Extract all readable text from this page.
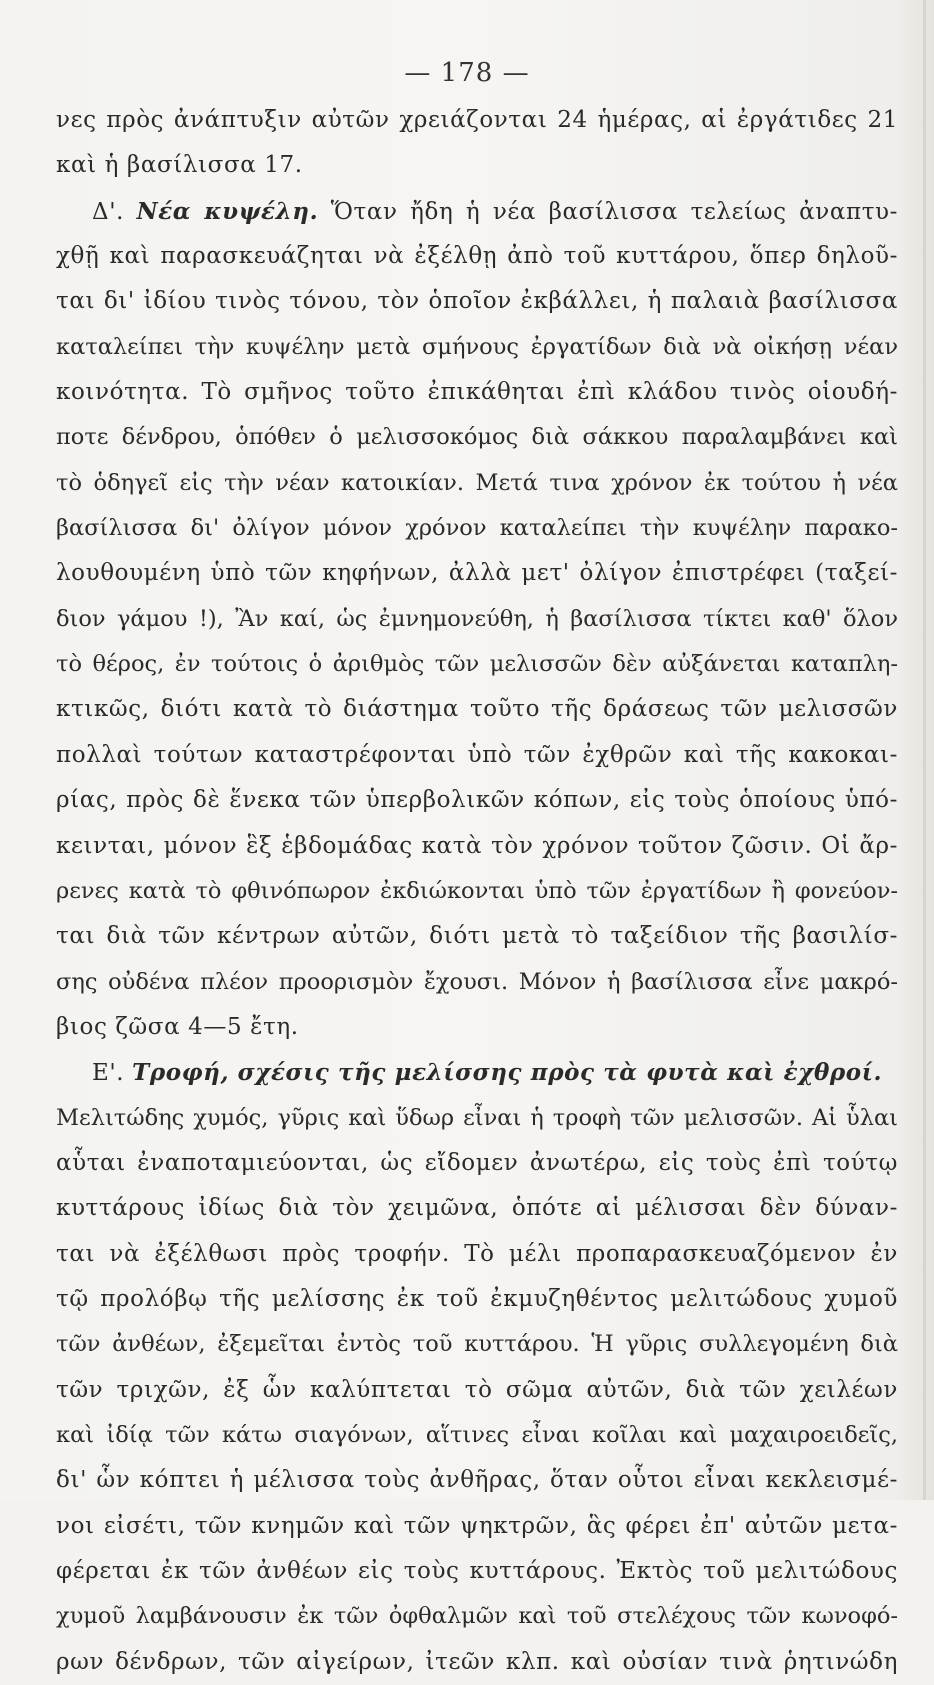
— 178 —
νες πρὸς ἀνάπτυξιν αὐτῶν χρειάζονται 24 ἡμέρας, αἱ ἐργάτιδες 21
καὶ ἡ βασίλισσα 17.
Δ'. Νέα κυψέλη. Ὅταν ἤδη ἡ νέα βασίλισσα τελείως ἀναπτυ-
χθῇ καὶ παρασκευάζηται νὰ ἐξέλθῃ ἀπὸ τοῦ κυττάρου, ὅπερ δηλοῦ-
ται δι' ἰδίου τινὸς τόνου, τὸν ὁποῖον ἐκβάλλει, ἡ παλαιὰ βασίλισσα
καταλείπει τὴν κυψέλην μετὰ σμήνους ἐργατίδων διὰ νὰ οἰκήσῃ νέαν
κοινότητα. Τὸ σμῆνος τοῦτο ἐπικάθηται ἐπὶ κλάδου τινὸς οἱουδή-
ποτε δένδρου, ὁπόθεν ὁ μελισσοκόμος διὰ σάκκου παραλαμβάνει καὶ
τὸ ὁδηγεῖ εἰς τὴν νέαν κατοικίαν. Μετά τινα χρόνον ἐκ τούτου ἡ νέα
βασίλισσα δι' ὀλίγον μόνον χρόνον καταλείπει τὴν κυψέλην παρακο-
λουθουμένη ὑπὸ τῶν κηφήνων, ἀλλὰ μετ' ὀλίγον ἐπιστρέφει (ταξεί-
διον γάμου !), Ἂν καί, ὡς ἐμνημονεύθη, ἡ βασίλισσα τίκτει καθ' ὅλον
τὸ θέρος, ἐν τούτοις ὁ ἀριθμὸς τῶν μελισσῶν δὲν αὐξάνεται καταπλη-
κτικῶς, διότι κατὰ τὸ διάστημα τοῦτο τῆς δράσεως τῶν μελισσῶν
πολλαὶ τούτων καταστρέφονται ὑπὸ τῶν ἐχθρῶν καὶ τῆς κακοκαι-
ρίας, πρὸς δὲ ἕνεκα τῶν ὑπερβολικῶν κόπων, εἰς τοὺς ὁποίους ὑπό-
κεινται, μόνον ἓξ ἑβδομάδας κατὰ τὸν χρόνον τοῦτον ζῶσιν. Οἱ ἄρ-
ρενες κατὰ τὸ φθινόπωρον ἐκδιώκονται ὑπὸ τῶν ἐργατίδων ἢ φονεύον-
ται διὰ τῶν κέντρων αὐτῶν, διότι μετὰ τὸ ταξείδιον τῆς βασιλίσ-
σης οὐδένα πλέον προορισμὸν ἔχουσι. Μόνον ἡ βασίλισσα εἶνε μακρό-
βιος ζῶσα 4—5 ἔτη.
Ε'. Τροφή, σχέσις τῆς μελίσσης πρὸς τὰ φυτὰ καὶ ἐχθροί.
Μελιτώδης χυμός, γῦρις καὶ ὕδωρ εἶναι ἡ τροφὴ τῶν μελισσῶν. Αἱ ὗλαι
αὗται ἐναποταμιεύονται, ὡς εἴδομεν ἀνωτέρω, εἰς τοὺς ἐπὶ τούτῳ
κυττάρους ἰδίως διὰ τὸν χειμῶνα, ὁπότε αἱ μέλισσαι δὲν δύναν-
ται νὰ ἐξέλθωσι πρὸς τροφήν. Τὸ μέλι προπαρασκευαζόμενον ἐν
τῷ προλόβῳ τῆς μελίσσης ἐκ τοῦ ἐκμυζηθέντος μελιτώδους χυμοῦ
τῶν ἀνθέων, ἐξεμεῖται ἐντὸς τοῦ κυττάρου. Ἡ γῦρις συλλεγομένη διὰ
τῶν τριχῶν, ἐξ ὧν καλύπτεται τὸ σῶμα αὐτῶν, διὰ τῶν χειλέων
καὶ ἰδίᾳ τῶν κάτω σιαγόνων, αἵτινες εἶναι κοῖλαι καὶ μαχαιροειδεῖς,
δι' ὧν κόπτει ἡ μέλισσα τοὺς ἀνθῆρας, ὅταν οὗτοι εἶναι κεκλεισμέ-
νοι εἰσέτι, τῶν κνημῶν καὶ τῶν ψηκτρῶν, ἃς φέρει ἐπ' αὐτῶν μετα-
φέρεται ἐκ τῶν ἀνθέων εἰς τοὺς κυττάρους. Ἐκτὸς τοῦ μελιτώδους
χυμοῦ λαμβάνουσιν ἐκ τῶν ὀφθαλμῶν καὶ τοῦ στελέχους τῶν κωνοφό-
ρων δένδρων, τῶν αἰγείρων, ἰτεῶν κλπ. καὶ οὐσίαν τινὰ ῥητινώδη
